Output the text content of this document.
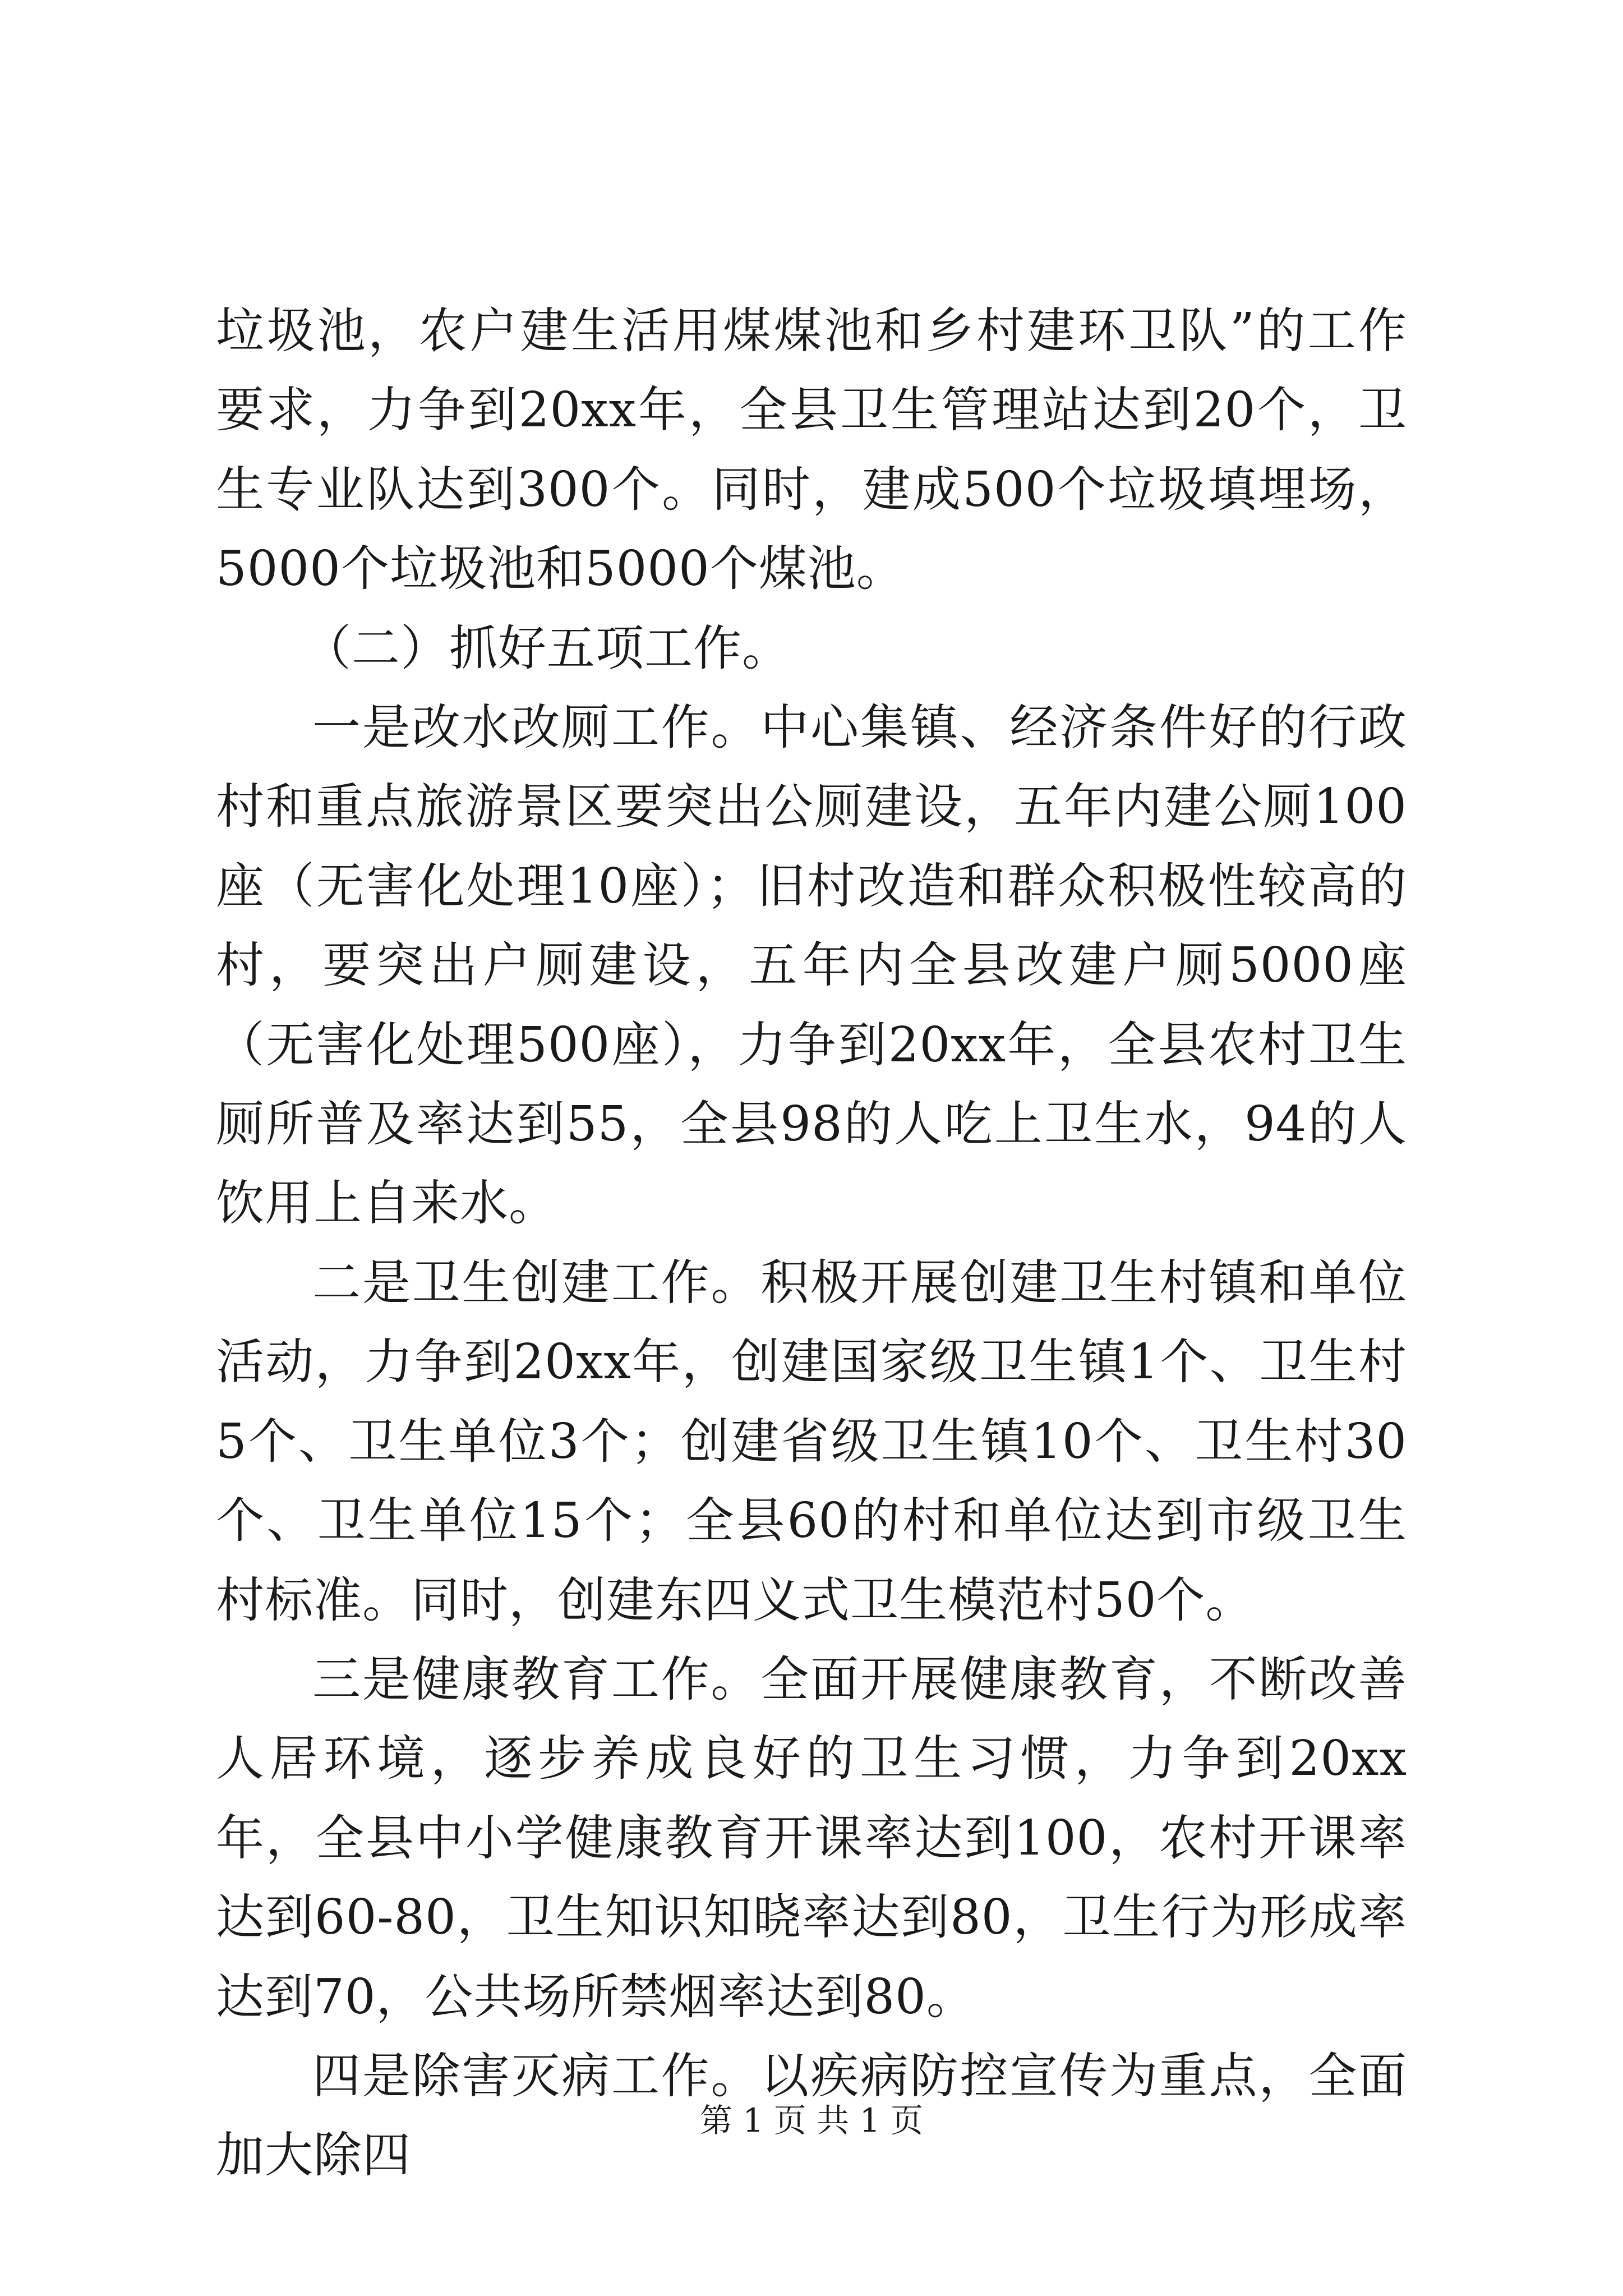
垃圾池，农户建生活用煤煤池和乡村建环卫队”的工作要求，力争到20xx年，全县卫生管理站达到20个，卫生专业队达到300个。同时，建成500个垃圾填埋场，5000个垃圾池和5000个煤池。

（二）抓好五项工作。

一是改水改厕工作。中心集镇、经济条件好的行政村和重点旅游景区要突出公厕建设，五年内建公厕100座（无害化处理10座）；旧村改造和群众积极性较高的村，要突出户厕建设，五年内全县改建户厕5000座（无害化处理500座），力争到20xx年，全县农村卫生厕所普及率达到55，全县98的人吃上卫生水，94的人饮用上自来水。

二是卫生创建工作。积极开展创建卫生村镇和单位活动，力争到20xx年，创建国家级卫生镇1个、卫生村5个、卫生单位3个；创建省级卫生镇10个、卫生村30个、卫生单位15个；全县60的村和单位达到市级卫生村标准。同时，创建东四义式卫生模范村50个。

三是健康教育工作。全面开展健康教育，不断改善人居环境，逐步养成良好的卫生习惯，力争到20xx年，全县中小学健康教育开课率达到100，农村开课率达到60-80，卫生知识知晓率达到80，卫生行为形成率达到70，公共场所禁烟率达到80。

四是除害灭病工作。以疾病防控宣传为重点，全面加大除四

第 1 页 共 1 页
